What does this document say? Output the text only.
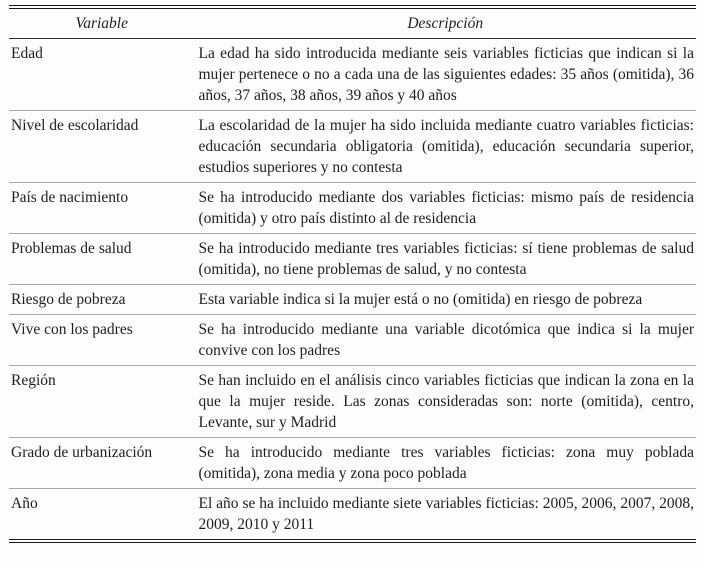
Variable	Descripción
Edad	La edad ha sido introducida mediante seis variables ficticias que indican si la mujer pertenece o no a cada una de las siguientes edades: 35 años (omitida), 36 años, 37 años, 38 años, 39 años y 40 años
Nivel de escolaridad	La escolaridad de la mujer ha sido incluida mediante cuatro variables ficticias: educación secundaria obligatoria (omitida), educación secundaria superior, estudios superiores y no contesta
País de nacimiento	Se ha introducido mediante dos variables ficticias: mismo país de residencia (omitida) y otro país distinto al de residencia
Problemas de salud	Se ha introducido mediante tres variables ficticias: sí tiene problemas de salud (omitida), no tiene problemas de salud, y no contesta
Riesgo de pobreza	Esta variable indica si la mujer está o no (omitida) en riesgo de pobreza
Vive con los padres	Se ha introducido mediante una variable dicotómica que indica si la mujer convive con los padres
Región	Se han incluido en el análisis cinco variables ficticias que indican la zona en la que la mujer reside. Las zonas consideradas son: norte (omitida), centro, Levante, sur y Madrid
Grado de urbanización	Se ha introducido mediante tres variables ficticias: zona muy poblada (omitida), zona media y zona poco poblada
Año	El año se ha incluido mediante siete variables ficticias: 2005, 2006, 2007, 2008, 2009, 2010 y 2011
